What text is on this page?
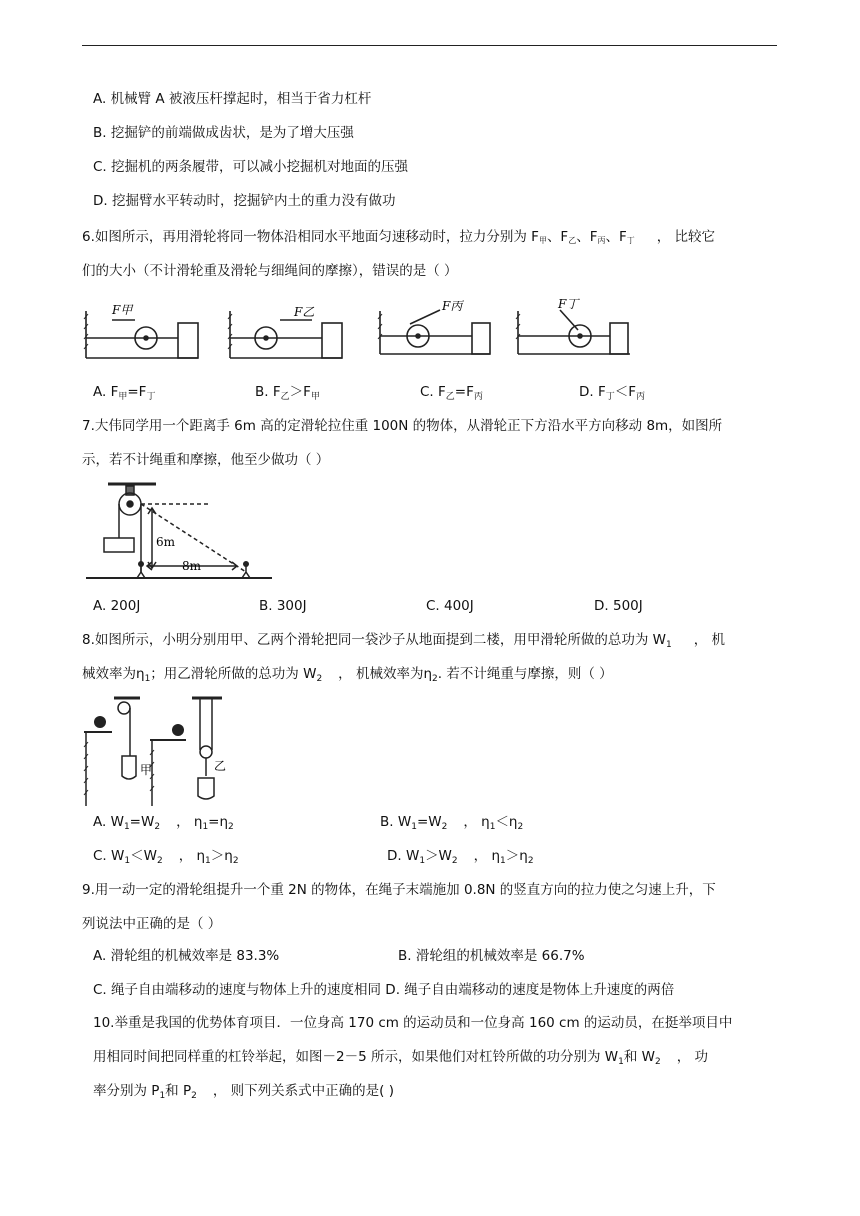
A. 机械臂 A 被液压杆撑起时，相当于省力杠杆
B. 挖掘铲的前端做成齿状，是为了增大压强
C. 挖掘机的两条履带，可以减小挖掘机对地面的压强
D. 挖掘臂水平转动时，挖掘铲内土的重力没有做功
6.如图所示，再用滑轮将同一物体沿相同水平地面匀速移动时，拉力分别为 $F_甲$、$F_乙$、$F_丙$、$F_丁$ ， 比较它
们的大小（不计滑轮重及滑轮与细绳间的摩擦），错误的是（ ）
F甲	F乙	F丙	F丁
A. $F_甲=F_丁$	B. $F_乙>F_甲$	C. $F_乙=F_丙$	D. $F_丁<F_丙$
7.大伟同学用一个距离手 6m 高的定滑轮拉住重 100N 的物体，从滑轮正下方沿水平方向移动 8m，如图所
示，若不计绳重和摩擦，他至少做功（ ）
6m
8m
A. 200J	B. 300J	C. 400J	D. 500J
8.如图所示，小明分别用甲、乙两个滑轮把同一袋沙子从地面提到二楼，用甲滑轮所做的总功为 $W_1$ ， 机
械效率为$\eta_1$；用乙滑轮所做的总功为 $W_2$ ， 机械效率为$\eta_2$. 若不计绳重与摩擦，则（ ）
甲	乙
A. $W_1=W_2$ ， $\eta_1=\eta_2$	B. $W_1=W_2$ ， $\eta_1<\eta_2$
C. $W_1<W_2$ ， $\eta_1>\eta_2$	D. $W_1>W_2$ ， $\eta_1>\eta_2$
9.用一动一定的滑轮组提升一个重 2N 的物体，在绳子末端施加 0.8N 的竖直方向的拉力使之匀速上升，下
列说法中正确的是（ ）
A. 滑轮组的机械效率是 83.3%	B. 滑轮组的机械效率是 66.7%
C. 绳子自由端移动的速度与物体上升的速度相同 D. 绳子自由端移动的速度是物体上升速度的两倍
10.举重是我国的优势体育项目．一位身高 170 cm 的运动员和一位身高 160 cm 的运动员，在挺举项目中
用相同时间把同样重的杠铃举起，如图－2－5 所示，如果他们对杠铃所做的功分别为 $W_1$和 $W_2$ ， 功
率分别为 $P_1$和 $P_2$ ， 则下列关系式中正确的是( )
